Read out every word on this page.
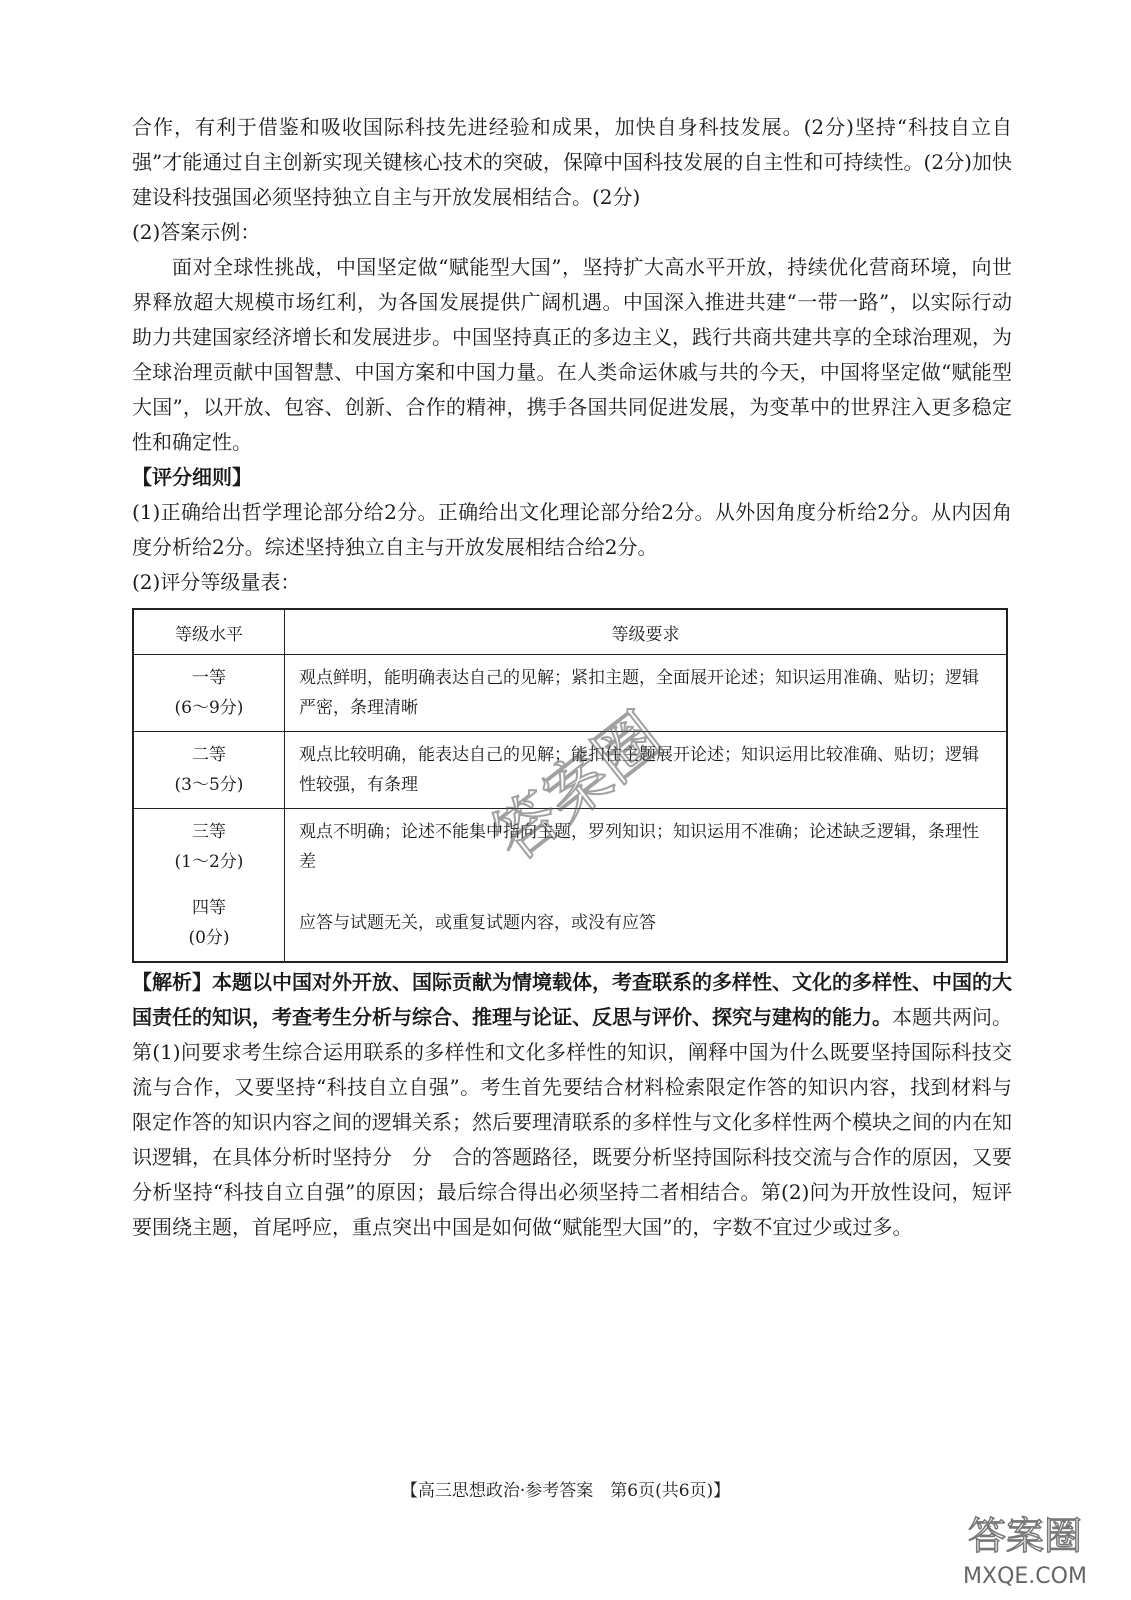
合作，有利于借鉴和吸收国际科技先进经验和成果，加快自身科技发展。(2分)坚持“科技自立自强”才能通过自主创新实现关键核心技术的突破，保障中国科技发展的自主性和可持续性。(2分)加快建设科技强国必须坚持独立自主与开放发展相结合。(2分)

(2)答案示例：

面对全球性挑战，中国坚定做“赋能型大国”，坚持扩大高水平开放，持续优化营商环境，向世界释放超大规模市场红利，为各国发展提供广阔机遇。中国深入推进共建“一带一路”，以实际行动助力共建国家经济增长和发展进步。中国坚持真正的多边主义，践行共商共建共享的全球治理观，为全球治理贡献中国智慧、中国方案和中国力量。在人类命运休戚与共的今天，中国将坚定做“赋能型大国”，以开放、包容、创新、合作的精神，携手各国共同促进发展，为变革中的世界注入更多稳定性和确定性。

【评分细则】

(1)正确给出哲学理论部分给2分。正确给出文化理论部分给2分。从外因角度分析给2分。从内因角度分析给2分。综述坚持独立自主与开放发展相结合给2分。

(2)评分等级量表：

等级水平	等级要求

一等
(6～9分)	观点鲜明，能明确表达自己的见解；紧扣主题，全面展开论述；知识运用准确、贴切；逻辑严密，条理清晰

二等
(3～5分)	观点比较明确，能表达自己的见解；能扣住主题展开论述；知识运用比较准确、贴切；逻辑性较强，有条理

三等
(1～2分)	观点不明确；论述不能集中指向主题，罗列知识；知识运用不准确；论述缺乏逻辑，条理性差

四等
(0分)	应答与试题无关，或重复试题内容，或没有应答

【解析】本题以中国对外开放、国际贡献为情境载体，考查联系的多样性、文化的多样性、中国的大国责任的知识，考查考生分析与综合、推理与论证、反思与评价、探究与建构的能力。本题共两问。第(1)问要求考生综合运用联系的多样性和文化多样性的知识，阐释中国为什么既要坚持国际科技交流与合作，又要坚持“科技自立自强”。考生首先要结合材料检索限定作答的知识内容，找到材料与限定作答的知识内容之间的逻辑关系；然后要理清联系的多样性与文化多样性两个模块之间的内在知识逻辑，在具体分析时坚持分　分　合的答题路径，既要分析坚持国际科技交流与合作的原因，又要分析坚持“科技自立自强”的原因；最后综合得出必须坚持二者相结合。第(2)问为开放性设问，短评要围绕主题，首尾呼应，重点突出中国是如何做“赋能型大国”的，字数不宜过少或过多。

答案圈
【高三思想政治·参考答案　第6页(共6页)】
答案圈
MXQE.COM
